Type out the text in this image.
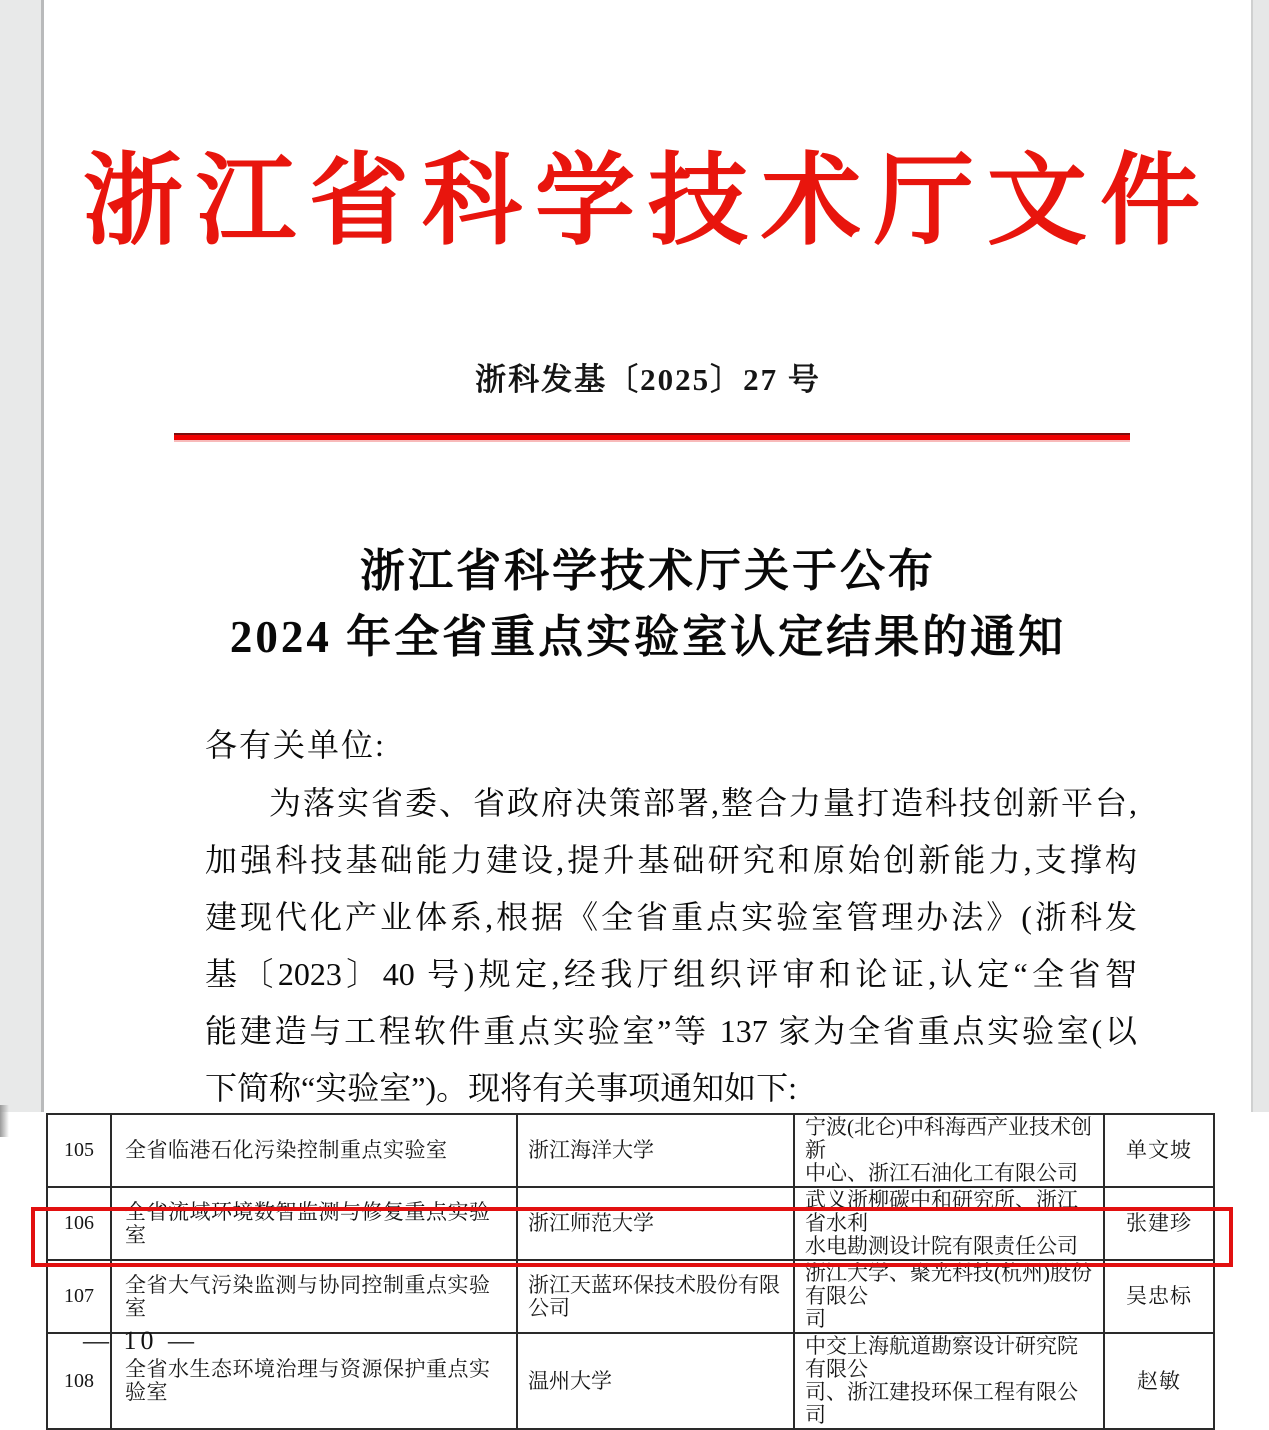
浙江省科学技术厅文件
浙科发基〔2025〕27 号
浙江省科学技术厅关于公布
2024 年全省重点实验室认定结果的通知
各有关单位:
为落实省委、省政府决策部署,整合力量打造科技创新平台,
加强科技基础能力建设,提升基础研究和原始创新能力,支撑构
建现代化产业体系,根据《全省重点实验室管理办法》(浙科发
基〔2023〕40 号)规定,经我厅组织评审和论证,认定“全省智
能建造与工程软件重点实验室”等 137 家为全省重点实验室(以
下简称“实验室”)。现将有关事项通知如下:
105	全省临港石化污染控制重点实验室	浙江海洋大学	宁波(北仑)中科海西产业技术创新
中心、浙江石油化工有限公司	单文坡
106	全省流域环境数智监测与修复重点实验室	浙江师范大学	武义浙柳碳中和研究所、浙江省水利
水电勘测设计院有限责任公司	张建珍
107	全省大气污染监测与协同控制重点实验室	浙江天蓝环保技术股份有限公司	浙江大学、聚光科技(杭州)股份有限公
司	吴忠标
108	全省水生态环境治理与资源保护重点实验室	温州大学	中交上海航道勘察设计研究院有限公
司、浙江建投环保工程有限公司	赵敏
— 10 —
